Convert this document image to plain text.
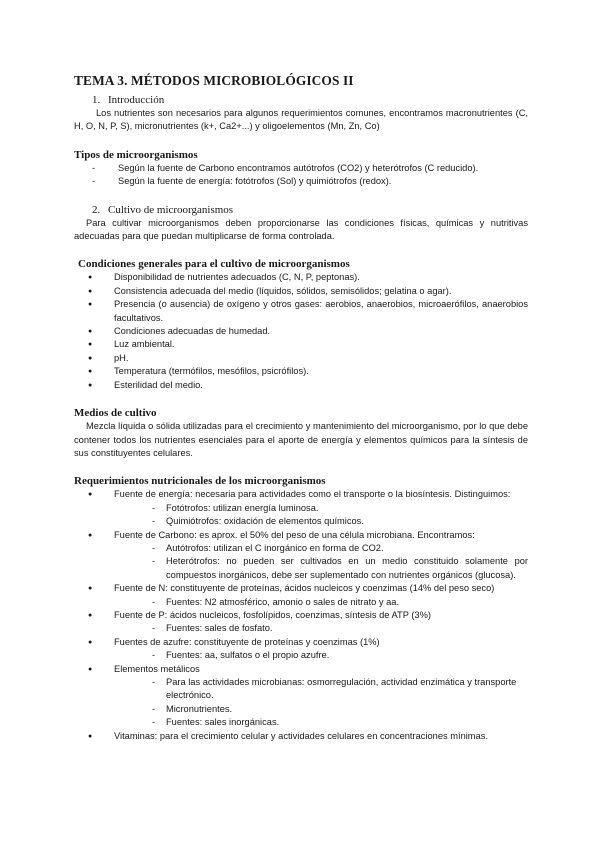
TEMA 3. MÉTODOS MICROBIOLÓGICOS II
1. Introducción

Los nutrientes son necesarios para algunos requerimientos comunes, encontramos macronutrientes (C, H, O, N, P, S), micronutrientes (k+, Ca2+...) y oligoelementos (Mn, Zn, Co)

Tipos de microorganismos
- Según la fuente de Carbono encontramos autótrofos (CO2) y heterótrofos (C reducido).
- Según la fuente de energía: fotótrofos (Sol) y quimiótrofos (redox).
2. Cultivo de microorganismos

Para cultivar microorganismos deben proporcionarse las condiciones físicas, químicas y nutritivas adecuadas para que puedan multiplicarse de forma controlada.

Condiciones generales para el cultivo de microorganismos
● Disponibilidad de nutrientes adecuados (C, N, P, peptonas).
● Consistencia adecuada del medio (líquidos, sólidos, semisólidos; gelatina o agar).
● Presencia (o ausencia) de oxígeno y otros gases: aerobios, anaerobios, microaerófilos, anaerobios facultativos.
● Condiciones adecuadas de humedad.
● Luz ambiental.
● pH.
● Temperatura (termófilos, mesófilos, psicrófilos).
● Esterilidad del medio.
Medios de cultivo

Mezcla líquida o sólida utilizadas para el crecimiento y mantenimiento del microorganismo, por lo que debe contener todos los nutrientes esenciales para el aporte de energía y elementos químicos para la síntesis de sus constituyentes celulares.

Requerimientos nutricionales de los microorganismos
● Fuente de energía: necesaria para actividades como el transporte o la biosíntesis. Distinguimos:
- Fotótrofos: utilizan energía luminosa.
- Quimiótrofos: oxidación de elementos químicos.
● Fuente de Carbono: es aprox. el 50% del peso de una célula microbiana. Encontramos:
- Autótrofos: utilizan el C inorgánico en forma de CO2.
- Heterótrofos: no pueden ser cultivados en un medio constituido solamente por compuestos inorgánicos, debe ser suplementado con nutrientes orgánicos (glucosa).
● Fuente de N: constituyente de proteínas, ácidos nucleicos y coenzimas (14% del peso seco)
- Fuentes: N2 atmosférico, amonio o sales de nitrato y aa.
● Fuente de P: ácidos nucleicos, fosfolípidos, coenzimas, síntesis de ATP (3%)
- Fuentes: sales de fosfato.
● Fuentes de azufre: constituyente de proteínas y coenzimas (1%)
- Fuentes: aa, sulfatos o el propio azufre.
● Elementos metálicos
- Para las actividades microbianas: osmorregulación, actividad enzimática y transporte electrónico.
- Micronutrientes.
- Fuentes: sales inorgánicas.
● Vitaminas: para el crecimiento celular y actividades celulares en concentraciones mínimas.
